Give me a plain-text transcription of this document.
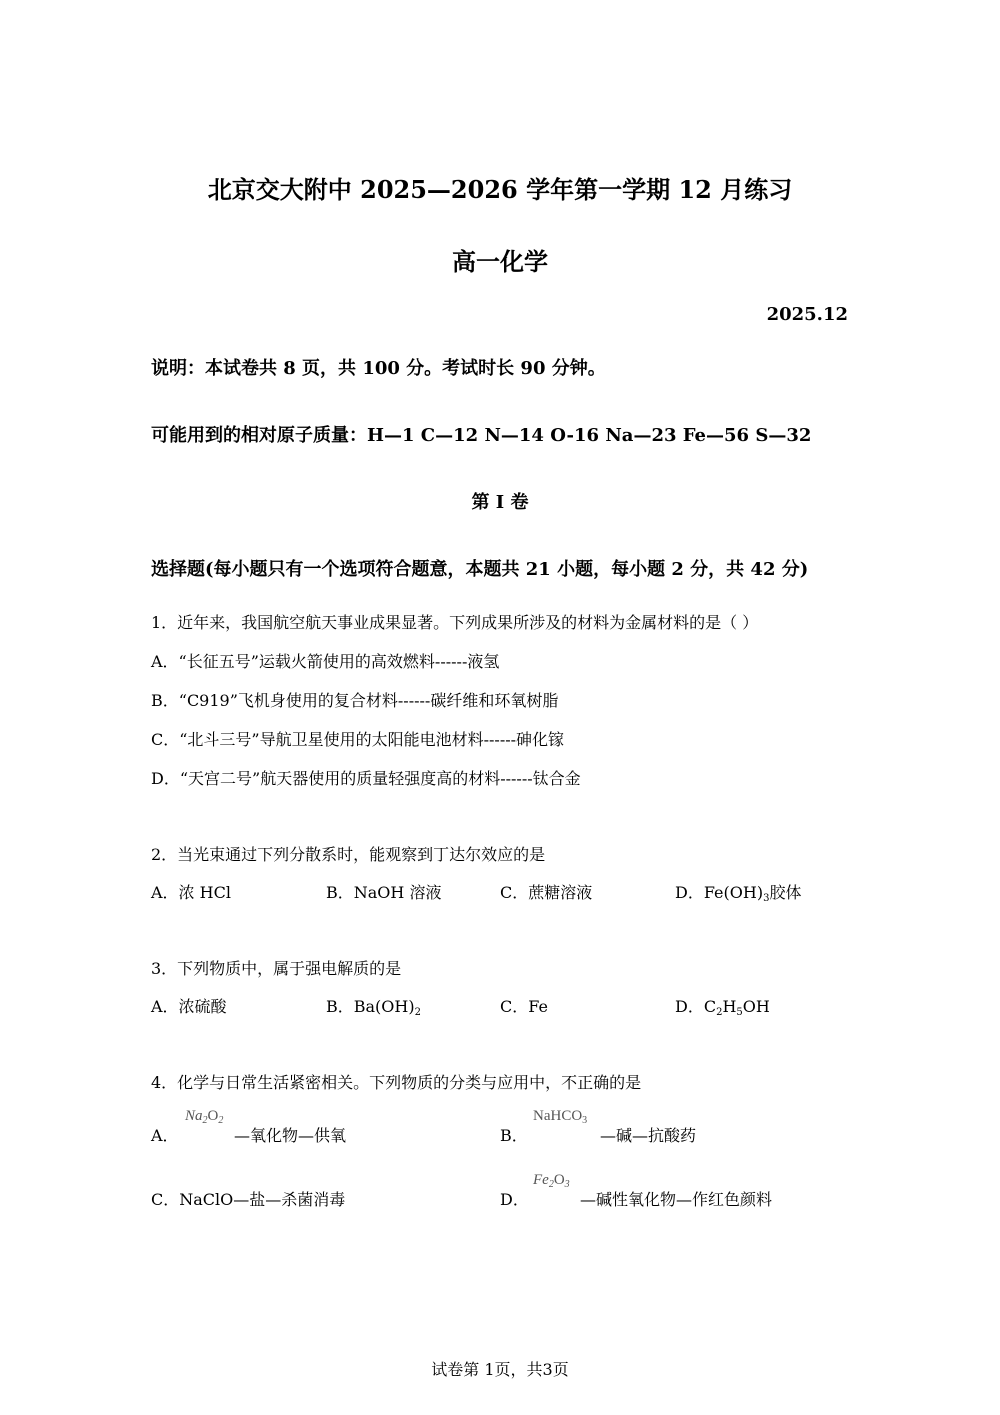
北京交大附中 2025—2026 学年第一学期 12 月练习
高一化学
2025.12
说明：本试卷共 8 页，共 100 分。考试时长 90 分钟。
可能用到的相对原子质量：H—1 C—12 N—14 O-16 Na—23 Fe—56 S—32
第 I 卷
选择题(每小题只有一个选项符合题意，本题共 21 小题，每小题 2 分，共 42 分)
1．近年来，我国航空航天事业成果显著。下列成果所涉及的材料为金属材料的是（ ）
A．“长征五号”运载火箭使用的高效燃料------液氢
B．“C919”飞机身使用的复合材料------碳纤维和环氧树脂
C．“北斗三号”导航卫星使用的太阳能电池材料------砷化镓
D．“天宫二号”航天器使用的质量轻强度高的材料------钛合金
2．当光束通过下列分散系时，能观察到丁达尔效应的是
A．浓 HCl	B．NaOH 溶液	C．蔗糖溶液	D．$Fe(OH)_3$胶体
3．下列物质中，属于强电解质的是
A．浓硫酸	B．$Ba(OH)_2$	C．Fe	D．$C_2H_5OH$
4．化学与日常生活紧密相关。下列物质的分类与应用中，不正确的是
A．
$Na_2O_2$
—氧化物—供氧	B．
NaHCO$_3$
—碱—抗酸药
C．NaClO—盐—杀菌消毒	D．
$Fe_2O_3$
—碱性氧化物—作红色颜料
试卷第 1页，共3页
